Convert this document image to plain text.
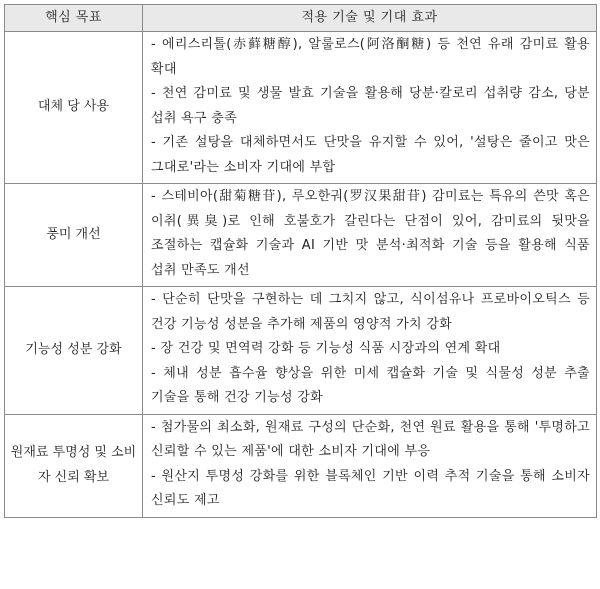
핵심 목표	적용 기술 및 기대 효과
대체 당 사용	- 에리스리톨(赤藓糖醇), 알룰로스(阿洛酮糖) 등 천연 유래 감미료 활용 확대
- 천연 감미료 및 생물 발효 기술을 활용해 당분·칼로리 섭취량 감소, 당분 섭취 욕구 충족
- 기존 설탕을 대체하면서도 단맛을 유지할 수 있어, '설탕은 줄이고 맛은 그대로'라는 소비자 기대에 부합

풍미 개선	- 스테비아(甜菊糖苷), 루오한궈(罗汉果甜苷) 감미료는 특유의 쓴맛 혹은 이취(異臭)로 인해 호불호가 갈린다는 단점이 있어, 감미료의 뒷맛을 조절하는 캡슐화 기술과 AI 기반 맛 분석·최적화 기술 등을 활용해 식품 섭취 만족도 개선

기능성 성분 강화	- 단순히 단맛을 구현하는 데 그치지 않고, 식이섬유나 프로바이오틱스 등 건강 기능성 성분을 추가해 제품의 영양적 가치 강화
- 장 건강 및 면역력 강화 등 기능성 식품 시장과의 연계 확대
- 체내 성분 흡수율 향상을 위한 미세 캡슐화 기술 및 식물성 성분 추출 기술을 통해 건강 기능성 강화

원재료 투명성 및 소비자 신뢰 확보	- 첨가물의 최소화, 원재료 구성의 단순화, 천연 원료 활용을 통해 '투명하고 신뢰할 수 있는 제품'에 대한 소비자 기대에 부응
- 원산지 투명성 강화를 위한 블록체인 기반 이력 추적 기술을 통해 소비자 신뢰도 제고
